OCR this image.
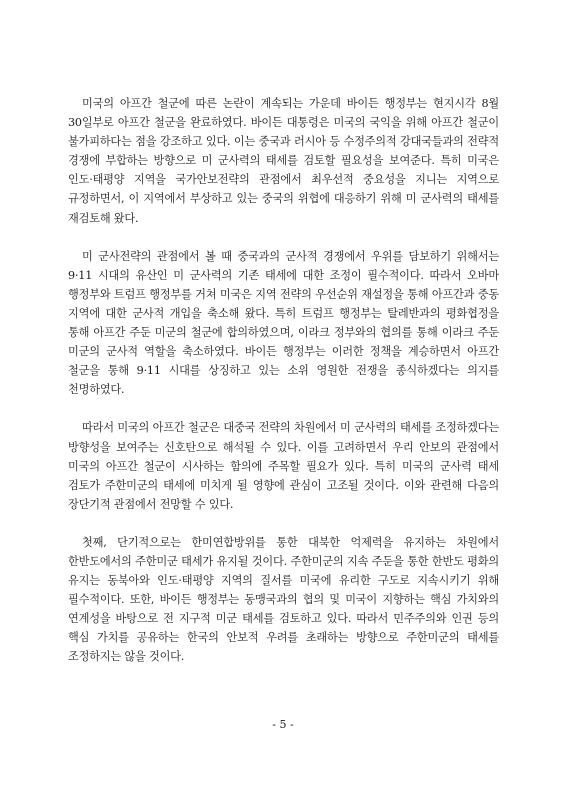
미국의 아프간 철군에 따른 논란이 계속되는 가운데 바이든 행정부는 현지시각 8월 30일부로 아프간 철군을 완료하였다. 바이든 대통령은 미국의 국익을 위해 아프간 철군이 불가피하다는 점을 강조하고 있다. 이는 중국과 러시아 등 수정주의적 강대국들과의 전략적 경쟁에 부합하는 방향으로 미 군사력의 태세를 검토할 필요성을 보여준다. 특히 미국은 인도·태평양 지역을 국가안보전략의 관점에서 최우선적 중요성을 지니는 지역으로 규정하면서, 이 지역에서 부상하고 있는 중국의 위협에 대응하기 위해 미 군사력의 태세를 재검토해 왔다.

미 군사전략의 관점에서 볼 때 중국과의 군사적 경쟁에서 우위를 담보하기 위해서는 9·11 시대의 유산인 미 군사력의 기존 태세에 대한 조정이 필수적이다. 따라서 오바마 행정부와 트럼프 행정부를 거쳐 미국은 지역 전략의 우선순위 재설정을 통해 아프간과 중동 지역에 대한 군사적 개입을 축소해 왔다. 특히 트럼프 행정부는 탈레반과의 평화협정을 통해 아프간 주둔 미군의 철군에 합의하였으며, 이라크 정부와의 협의를 통해 이라크 주둔 미군의 군사적 역할을 축소하였다. 바이든 행정부는 이러한 정책을 계승하면서 아프간 철군을 통해 9·11 시대를 상징하고 있는 소위 영원한 전쟁을 종식하겠다는 의지를 천명하였다.

따라서 미국의 아프간 철군은 대중국 전략의 차원에서 미 군사력의 태세를 조정하겠다는 방향성을 보여주는 신호탄으로 해석될 수 있다. 이를 고려하면서 우리 안보의 관점에서 미국의 아프간 철군이 시사하는 함의에 주목할 필요가 있다. 특히 미국의 군사력 태세 검토가 주한미군의 태세에 미치게 될 영향에 관심이 고조될 것이다. 이와 관련해 다음의 장단기적 관점에서 전망할 수 있다.

첫째, 단기적으로는 한미연합방위를 통한 대북한 억제력을 유지하는 차원에서 한반도에서의 주한미군 태세가 유지될 것이다. 주한미군의 지속 주둔을 통한 한반도 평화의 유지는 동북아와 인도·태평양 지역의 질서를 미국에 유리한 구도로 지속시키기 위해 필수적이다. 또한, 바이든 행정부는 동맹국과의 협의 및 미국이 지향하는 핵심 가치와의 연계성을 바탕으로 전 지구적 미군 태세를 검토하고 있다. 따라서 민주주의와 인권 등의 핵심 가치를 공유하는 한국의 안보적 우려를 초래하는 방향으로 주한미군의 태세를 조정하지는 않을 것이다.

- 5 -
